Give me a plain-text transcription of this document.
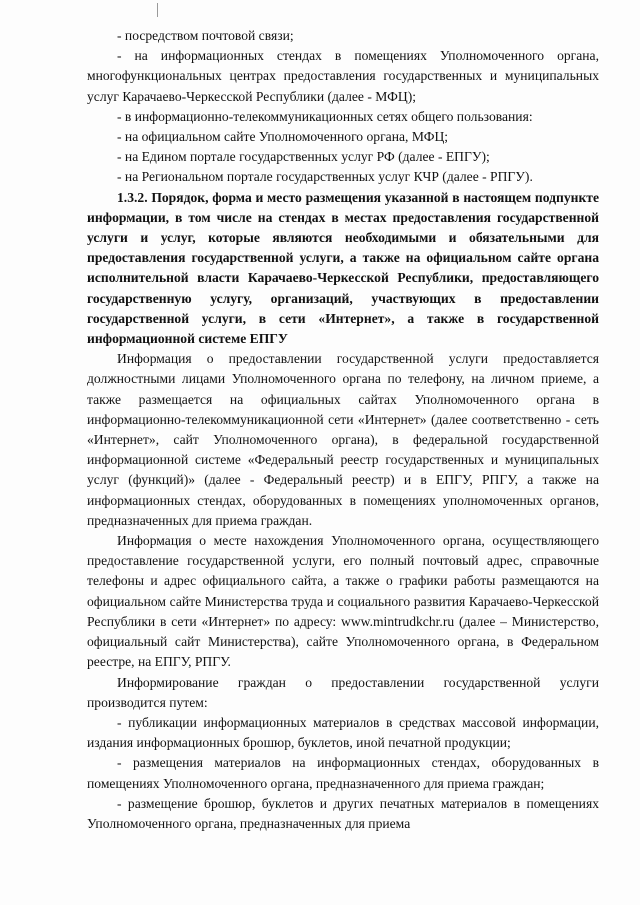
- посредством почтовой связи;

- на информационных стендах в помещениях Уполномоченного органа, многофункциональных центрах предоставления государственных и муниципальных услуг Карачаево-Черкесской Республики (далее - МФЦ);

- в информационно-телекоммуникационных сетях общего пользования:

- на официальном сайте Уполномоченного органа, МФЦ;

- на Едином портале государственных услуг РФ (далее - ЕПГУ);

- на Региональном портале государственных услуг КЧР (далее - РПГУ).

1.3.2. Порядок, форма и место размещения указанной в настоящем подпункте информации, в том числе на стендах в местах предоставления государственной услуги и услуг, которые являются необходимыми и обязательными для предоставления государственной услуги, а также на официальном сайте органа исполнительной власти Карачаево-Черкесской Республики, предоставляющего государственную услугу, организаций, участвующих в предоставлении государственной услуги, в сети «Интернет», а также в государственной информационной системе ЕПГУ

Информация о предоставлении государственной услуги предоставляется должностными лицами Уполномоченного органа по телефону, на личном приеме, а также размещается на официальных сайтах Уполномоченного органа в информационно-телекоммуникационной сети «Интернет» (далее соответственно - сеть «Интернет», сайт Уполномоченного органа), в федеральной государственной информационной системе «Федеральный реестр государственных и муниципальных услуг (функций)» (далее - Федеральный реестр) и в ЕПГУ, РПГУ, а также на информационных стендах, оборудованных в помещениях уполномоченных органов, предназначенных для приема граждан.

Информация о месте нахождения Уполномоченного органа, осуществляющего предоставление государственной услуги, его полный почтовый адрес, справочные телефоны и адрес официального сайта, а также о графики работы размещаются на официальном сайте Министерства труда и социального развития Карачаево-Черкесской Республики в сети «Интернет» по адресу: www.mintrudkchr.ru (далее – Министерство, официальный сайт Министерства), сайте Уполномоченного органа, в Федеральном реестре, на ЕПГУ, РПГУ.

Информирование граждан о предоставлении государственной услуги производится путем:

- публикации информационных материалов в средствах массовой информации, издания информационных брошюр, буклетов, иной печатной продукции;

- размещения материалов на информационных стендах, оборудованных в помещениях Уполномоченного органа, предназначенного для приема граждан;

- размещение брошюр, буклетов и других печатных материалов в помещениях Уполномоченного органа, предназначенных для приема
